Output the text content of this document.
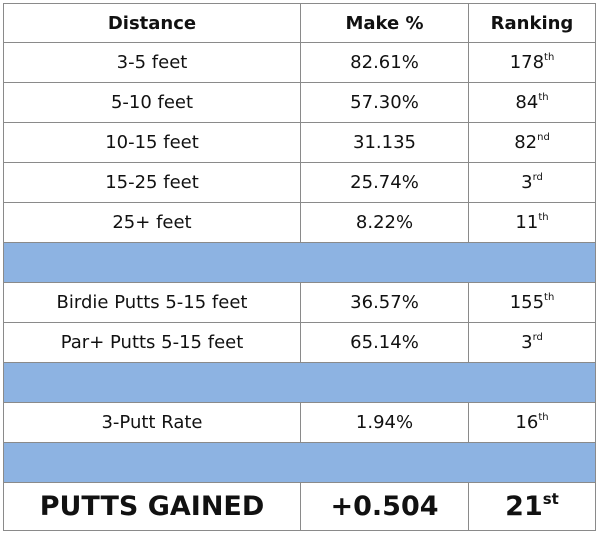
Distance	Make %	Ranking
3-5 feet	82.61%	178th
5-10 feet	57.30%	84th
10-15 feet	31.135	82nd
15-25 feet	25.74%	3rd
25+ feet	8.22%	11th

Birdie Putts 5-15 feet	36.57%	155th
Par+ Putts 5-15 feet	65.14%	3rd

3-Putt Rate	1.94%	16th

PUTTS GAINED	+0.504	21st
